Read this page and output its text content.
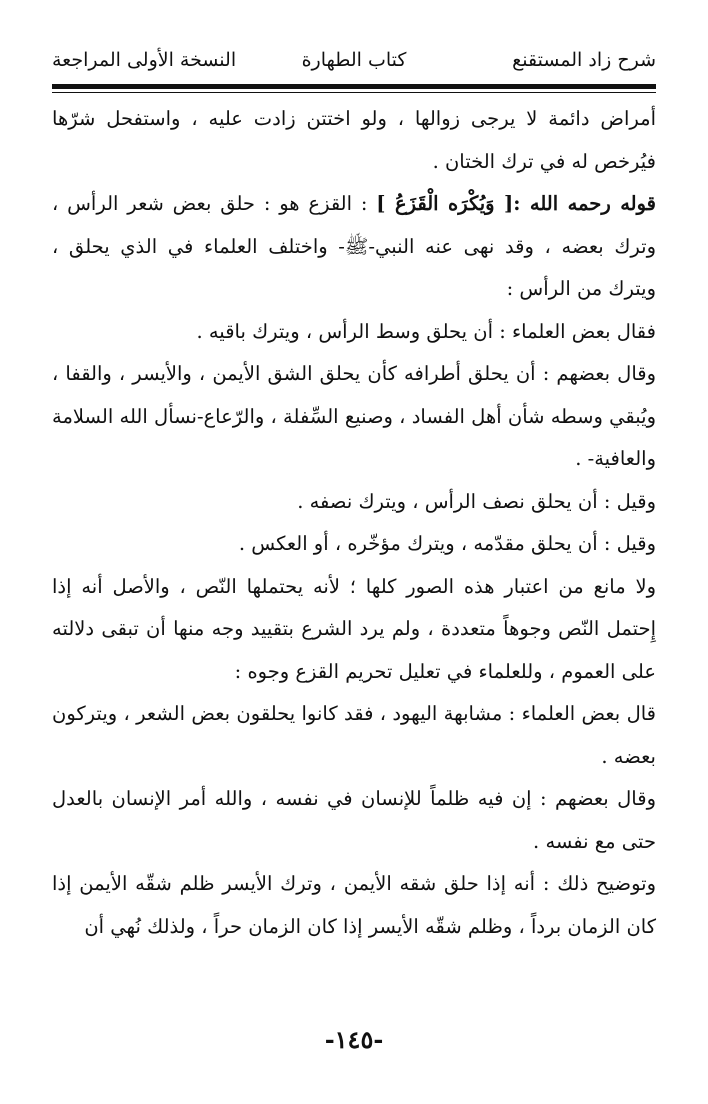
شرح زاد المستقنع
كتاب الطهارة
النسخة الأولى المراجعة

أمراض دائمة لا يرجى زوالها ، ولو اختتن زادت عليه ، واستفحل شرّها فيُرخص له في ترك الختان .

قوله رحمه الله :[ وَيُكْرَه الْقَزَعُ ] : القزع هو : حلق بعض شعر الرأس ، وترك بعضه ، وقد نهى عنه النبي-ﷺ- واختلف العلماء في الذي يحلق ، ويترك من الرأس :

فقال بعض العلماء : أن يحلق وسط الرأس ، ويترك باقيه .

وقال بعضهم : أن يحلق أطرافه كأن يحلق الشق الأيمن ، والأيسر ، والقفا ، ويُبقي وسطه شأن أهل الفساد ، وصنيع السِّفلة ، والرّعاع-نسأل الله السلامة والعافية- .

وقيل : أن يحلق نصف الرأس ، ويترك نصفه .

وقيل : أن يحلق مقدّمه ، ويترك مؤخّره ، أو العكس .

ولا مانع من اعتبار هذه الصور كلها ؛ لأنه يحتملها النّص ، والأصل أنه إذا إِحتمل النّص وجوهاً متعددة ، ولم يرد الشرع بتقييد وجه منها أن تبقى دلالته على العموم ، وللعلماء في تعليل تحريم القزع وجوه :

قال بعض العلماء : مشابهة اليهود ، فقد كانوا يحلقون بعض الشعر ، ويتركون بعضه .

وقال بعضهم : إن فيه ظلماً للإنسان في نفسه ، والله أمر الإنسان بالعدل حتى مع نفسه .

وتوضيح ذلك : أنه إذا حلق شقه الأيمن ، وترك الأيسر ظلم شقّه الأيمن إذا كان الزمان برداً ، وظلم شقّه الأيسر إذا كان الزمان حراً ، ولذلك نُهي أن

-١٤٥-
